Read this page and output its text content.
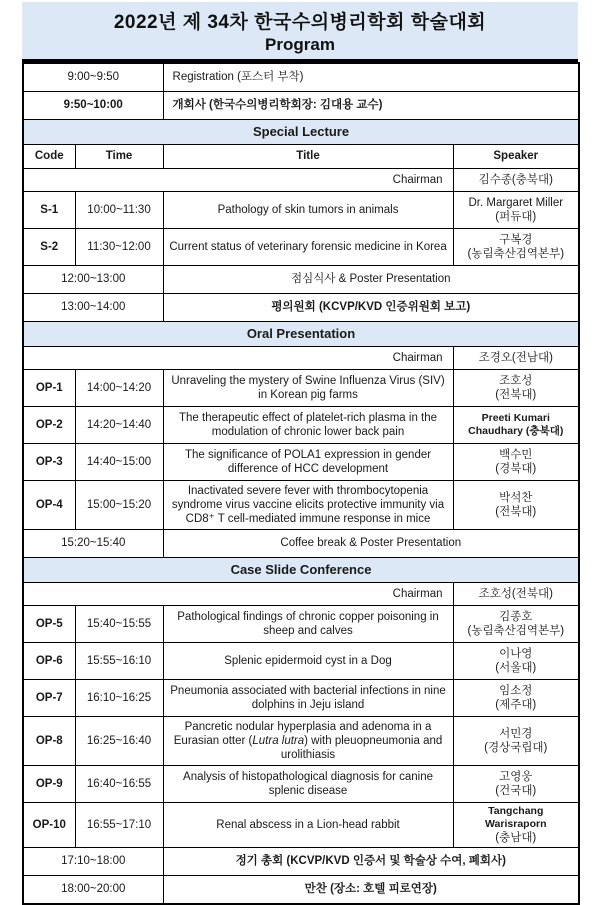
2022년 제 34차 한국수의병리학회 학술대회
Program
9:00~9:50		Registration (포스터 부착)	
9:50~10:00		개회사 (한국수의병리학회장: 김대용 교수)	
Special Lecture			
Code	Time	Title	Speaker
Chairman			김수종(충북대)
S-1	10:00~11:30	Pathology of skin tumors in animals	Dr. Margaret Miller
(퍼듀대)

S-2	11:30~12:00	Current status of veterinary forensic medicine in Korea	구복경
(농림축산검역본부)

12:00~13:00		점심식사 & Poster Presentation	
13:00~14:00		평의원회 (KCVP/KVD 인증위원회 보고)	
Oral Presentation			
Chairman			조경오(전남대)
OP-1	14:00~14:20	Unraveling the mystery of Swine Influenza Virus (SIV) in Korean pig farms	조호성
(전북대)

OP-2	14:20~14:40	The therapeutic effect of platelet-rich plasma in the modulation of chronic lower back pain	Preeti Kumari
Chaudhary (충북대)

OP-3	14:40~15:00	The significance of POLA1 expression in gender difference of HCC development	백수민
(경북대)

OP-4	15:00~15:20	Inactivated severe fever with thrombocytopenia syndrome virus vaccine elicits protective immunity via CD8⁺ T cell-mediated immune response in mice	박석찬
(전북대)

15:20~15:40		Coffee break & Poster Presentation	
Case Slide Conference			
Chairman			조호성(전북대)
OP-5	15:40~15:55	Pathological findings of chronic copper poisoning in sheep and calves	김종호
(농림축산검역본부)

OP-6	15:55~16:10	Splenic epidermoid cyst in a Dog	이나영
(서울대)

OP-7	16:10~16:25	Pneumonia associated with bacterial infections in nine dolphins in Jeju island	임소정
(제주대)

OP-8	16:25~16:40	Pancretic nodular hyperplasia and adenoma in a Eurasian otter (Lutra lutra) with pleuopneumonia and urolithiasis	서민경
(경상국립대)

OP-9	16:40~16:55	Analysis of histopathological diagnosis for canine splenic disease	고영웅
(건국대)

OP-10	16:55~17:10	Renal abscess in a Lion-head rabbit	Tangchang Warisraporn
(충남대)

17:10~18:00		정기 총회 (KCVP/KVD 인증서 및 학술상 수여, 폐회사)	
18:00~20:00		만찬 (장소: 호텔 피로연장)	
